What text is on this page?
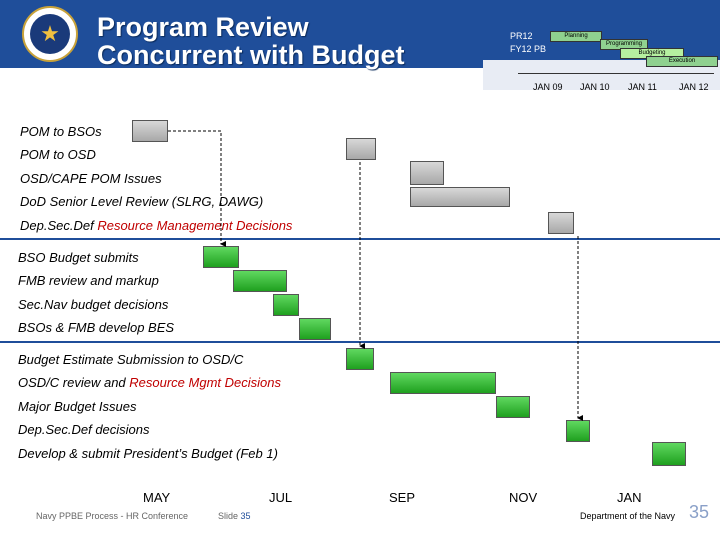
★	Program Review
Concurrent with Budget
PR12
FY12 PB
Planning
Programming
Budgeting
Execution
JAN 09 JAN 10 JAN 11 JAN 12
POM to BSOs
POM to OSD
OSD/CAPE POM Issues
DoD Senior Level Review (SLRG, DAWG)
Dep.Sec.Def Resource Management Decisions
BSO Budget submits
FMB review and markup
Sec.Nav budget decisions
BSOs & FMB develop BES
Budget Estimate Submission to OSD/C
OSD/C review and Resource Mgmt Decisions
Major Budget Issues
Dep.Sec.Def decisions
Develop & submit President’s Budget (Feb 1)
MAY	JUL	SEP	NOV	JAN
Navy PPBE Process - HR Conference	Slide 35	Department of the Navy 35
